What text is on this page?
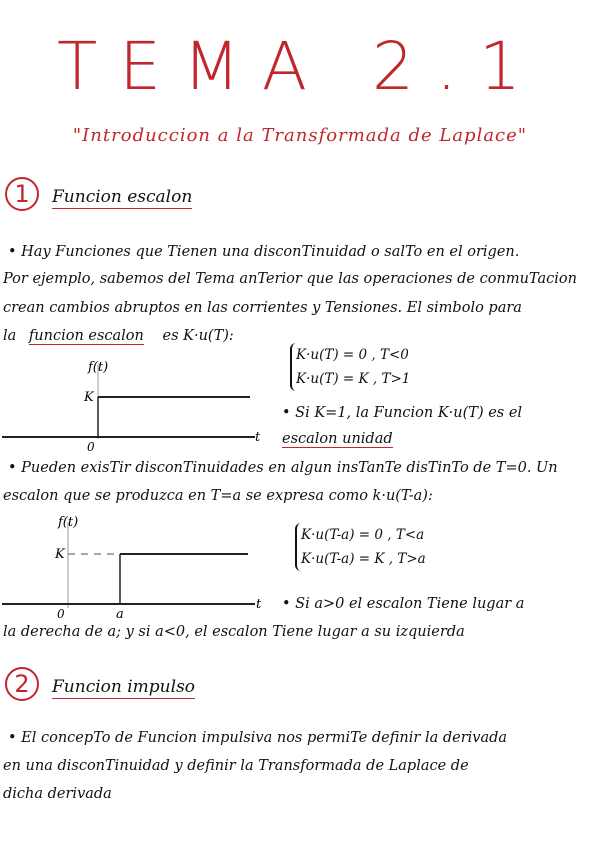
TEMA 2.1
"Introduccion a la Transformada de Laplace"
1	Funcion escalon
• Hay Funciones que Tienen una disconTinuidad o salTo en el origen.
Por ejemplo, sabemos del Tema anTerior que las operaciones de conmuTacion
crean cambios abruptos en las corrientes y Tensiones. El simbolo para
la funcion escalon es K·u(T):
f(t)
K
0
t
K·u(T) = 0 , T<0
K·u(T) = K , T>1
• Si K=1, la Funcion K·u(T) es el
escalon unidad
• Pueden exisTir disconTinuidades en algun insTanTe disTinTo de T=0. Un
escalon que se produzca en T=a se expresa como k·u(T-a):
f(t)
K
0	a
t
K·u(T-a) = 0 , T<a
K·u(T-a) = K , T>a
• Si a>0 el escalon Tiene lugar a
la derecha de a; y si a<0, el escalon Tiene lugar a su izquierda
2	Funcion impulso
• El concepTo de Funcion impulsiva nos permiTe definir la derivada
en una disconTinuidad y definir la Transformada de Laplace de
dicha derivada
